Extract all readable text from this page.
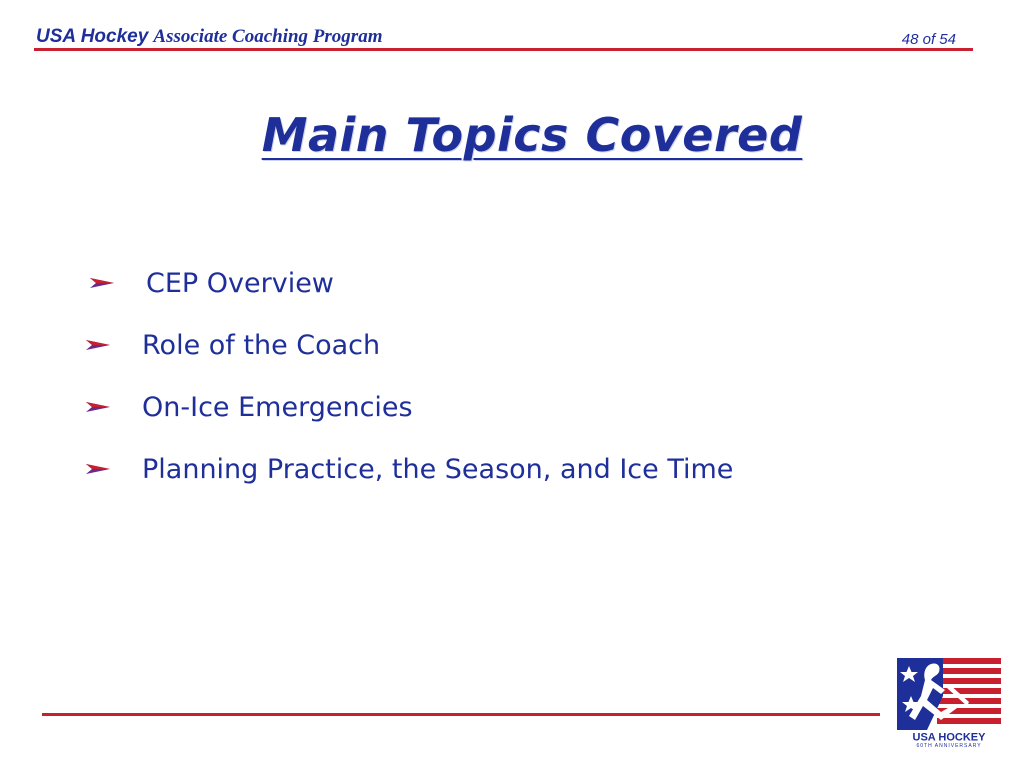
USA Hockey Associate Coaching Program	48 of 54
Main Topics Covered
CEP Overview
Role of the Coach
On-Ice Emergencies
Planning Practice, the Season, and Ice Time
USA HOCKEY
60TH ANNIVERSARY
